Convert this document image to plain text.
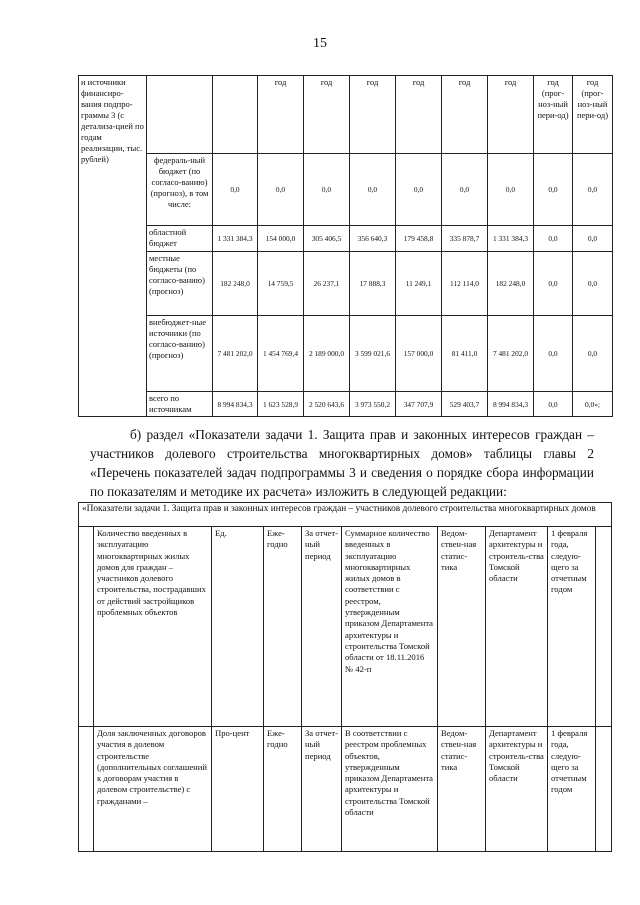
15
и источники финансиро-вания подпро-граммы 3 (с детализа-цией по годам реализации, тыс. рублей)			год	год	год	год	год	год	год (прог-ноз-ный пери-од)	год (прог-ноз-ный пери-од)
	федераль-ный бюджет (по согласо-ванию) (прогноз), в том числе:	0,0	0,0	0,0	0,0	0,0	0,0	0,0	0,0	0,0
	областной бюджет	1 331 384,3	154 000,0	305 406,5	356 640,3	179 458,8	335 878,7	1 331 384,3	0,0	0,0
	местные бюджеты (по согласо-ванию) (прогноз)	182 248,0	14 759,5	26 237,1	17 888,3	11 249,1	112 114,0	182 248,0	0,0	0,0
	внебюджет-ные источники (по согласо-ванию) (прогноз)	7 481 202,0	1 454 769,4	2 189 000,0	3 599 021,6	157 000,0	81 411,0	7 481 202,0	0,0	0,0
	всего по источникам	8 994 834,3	1 623 528,9	2 520 643,6	3 973 550,2	347 707,9	529 403,7	8 994 834,3	0,0	0,0»;
б) раздел «Показатели задачи 1. Защита прав и законных интересов граждан – участников долевого строительства многоквартирных домов» таблицы главы 2 «Перечень показателей задач подпрограммы 3 и сведения о порядке сбора информации по показателям и методике их расчета» изложить в следующей редакции:
«Показатели задачи 1. Защита прав и законных интересов граждан – участников долевого строительства многоквартирных домов									
	Количество введенных в эксплуатацию многоквартирных жилых домов для граждан – участников долевого строительства, пострадавших от действий застройщиков проблемных объектов	Ед.	Еже-годно	За отчет-ный период	Суммарное количество введенных в эксплуатацию многоквартирных жилых домов в соответствии с реестром, утвержденным приказом Департамента архитектуры и строительства Томской области от 18.11.2016 № 42-п	Ведом-ствен-ная статис-тика	Департамент архитектуры и строитель-ства Томской области	1 февраля года, следую-щего за отчетным годом	
	Доля заключенных договоров участия в долевом строительстве (дополнительных соглашений к договорам участия в долевом строительстве) с гражданами –	Про-цент	Еже-годно	За отчет-ный период	В соответствии с реестром проблемных объектов, утвержденным приказом Департамента архитектуры и строительства Томской области	Ведом-ствен-ная статис-тика	Департамент архитектуры и строитель-ства Томской области	1 февраля года, следую-щего за отчетным годом	
